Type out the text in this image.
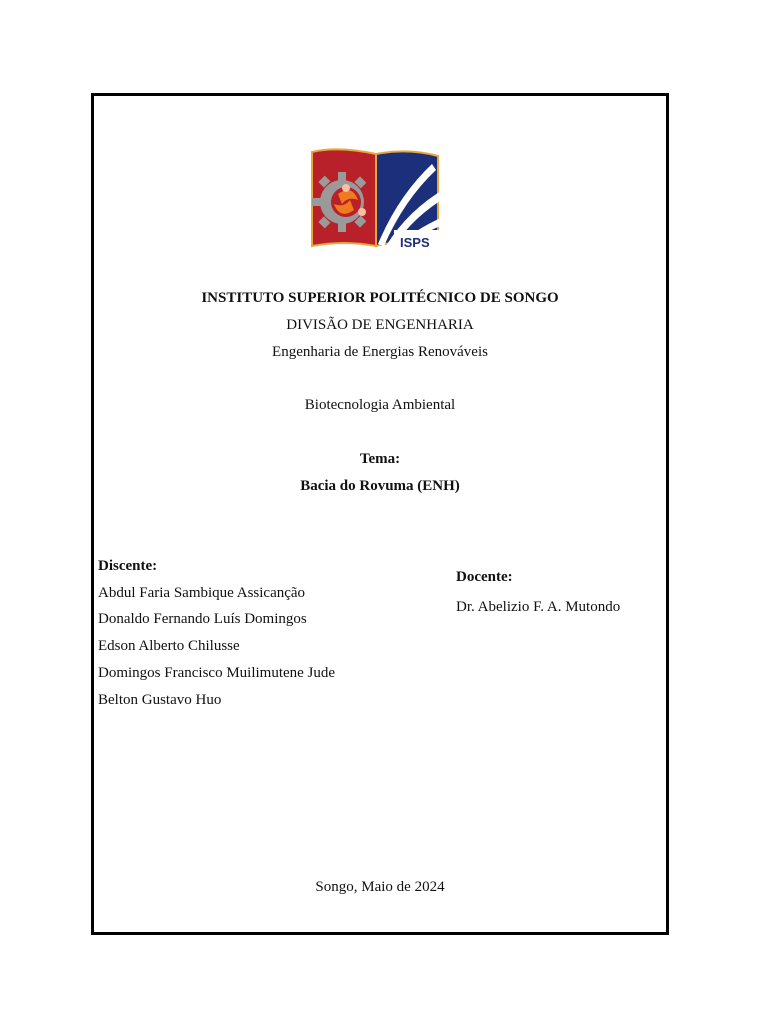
ISPS
INSTITUTO SUPERIOR POLITÉCNICO DE SONGO
DIVISÃO DE ENGENHARIA
Engenharia de Energias Renováveis
Biotecnologia Ambiental
Tema:
Bacia do Rovuma (ENH)
Discente:
Abdul Faria Sambique Assicanção
Donaldo Fernando Luís Domingos
Edson Alberto Chilusse
Domingos Francisco Muilimutene Jude
Belton Gustavo Huo
Docente:
Dr. Abelizio F. A. Mutondo
Songo, Maio de 2024
